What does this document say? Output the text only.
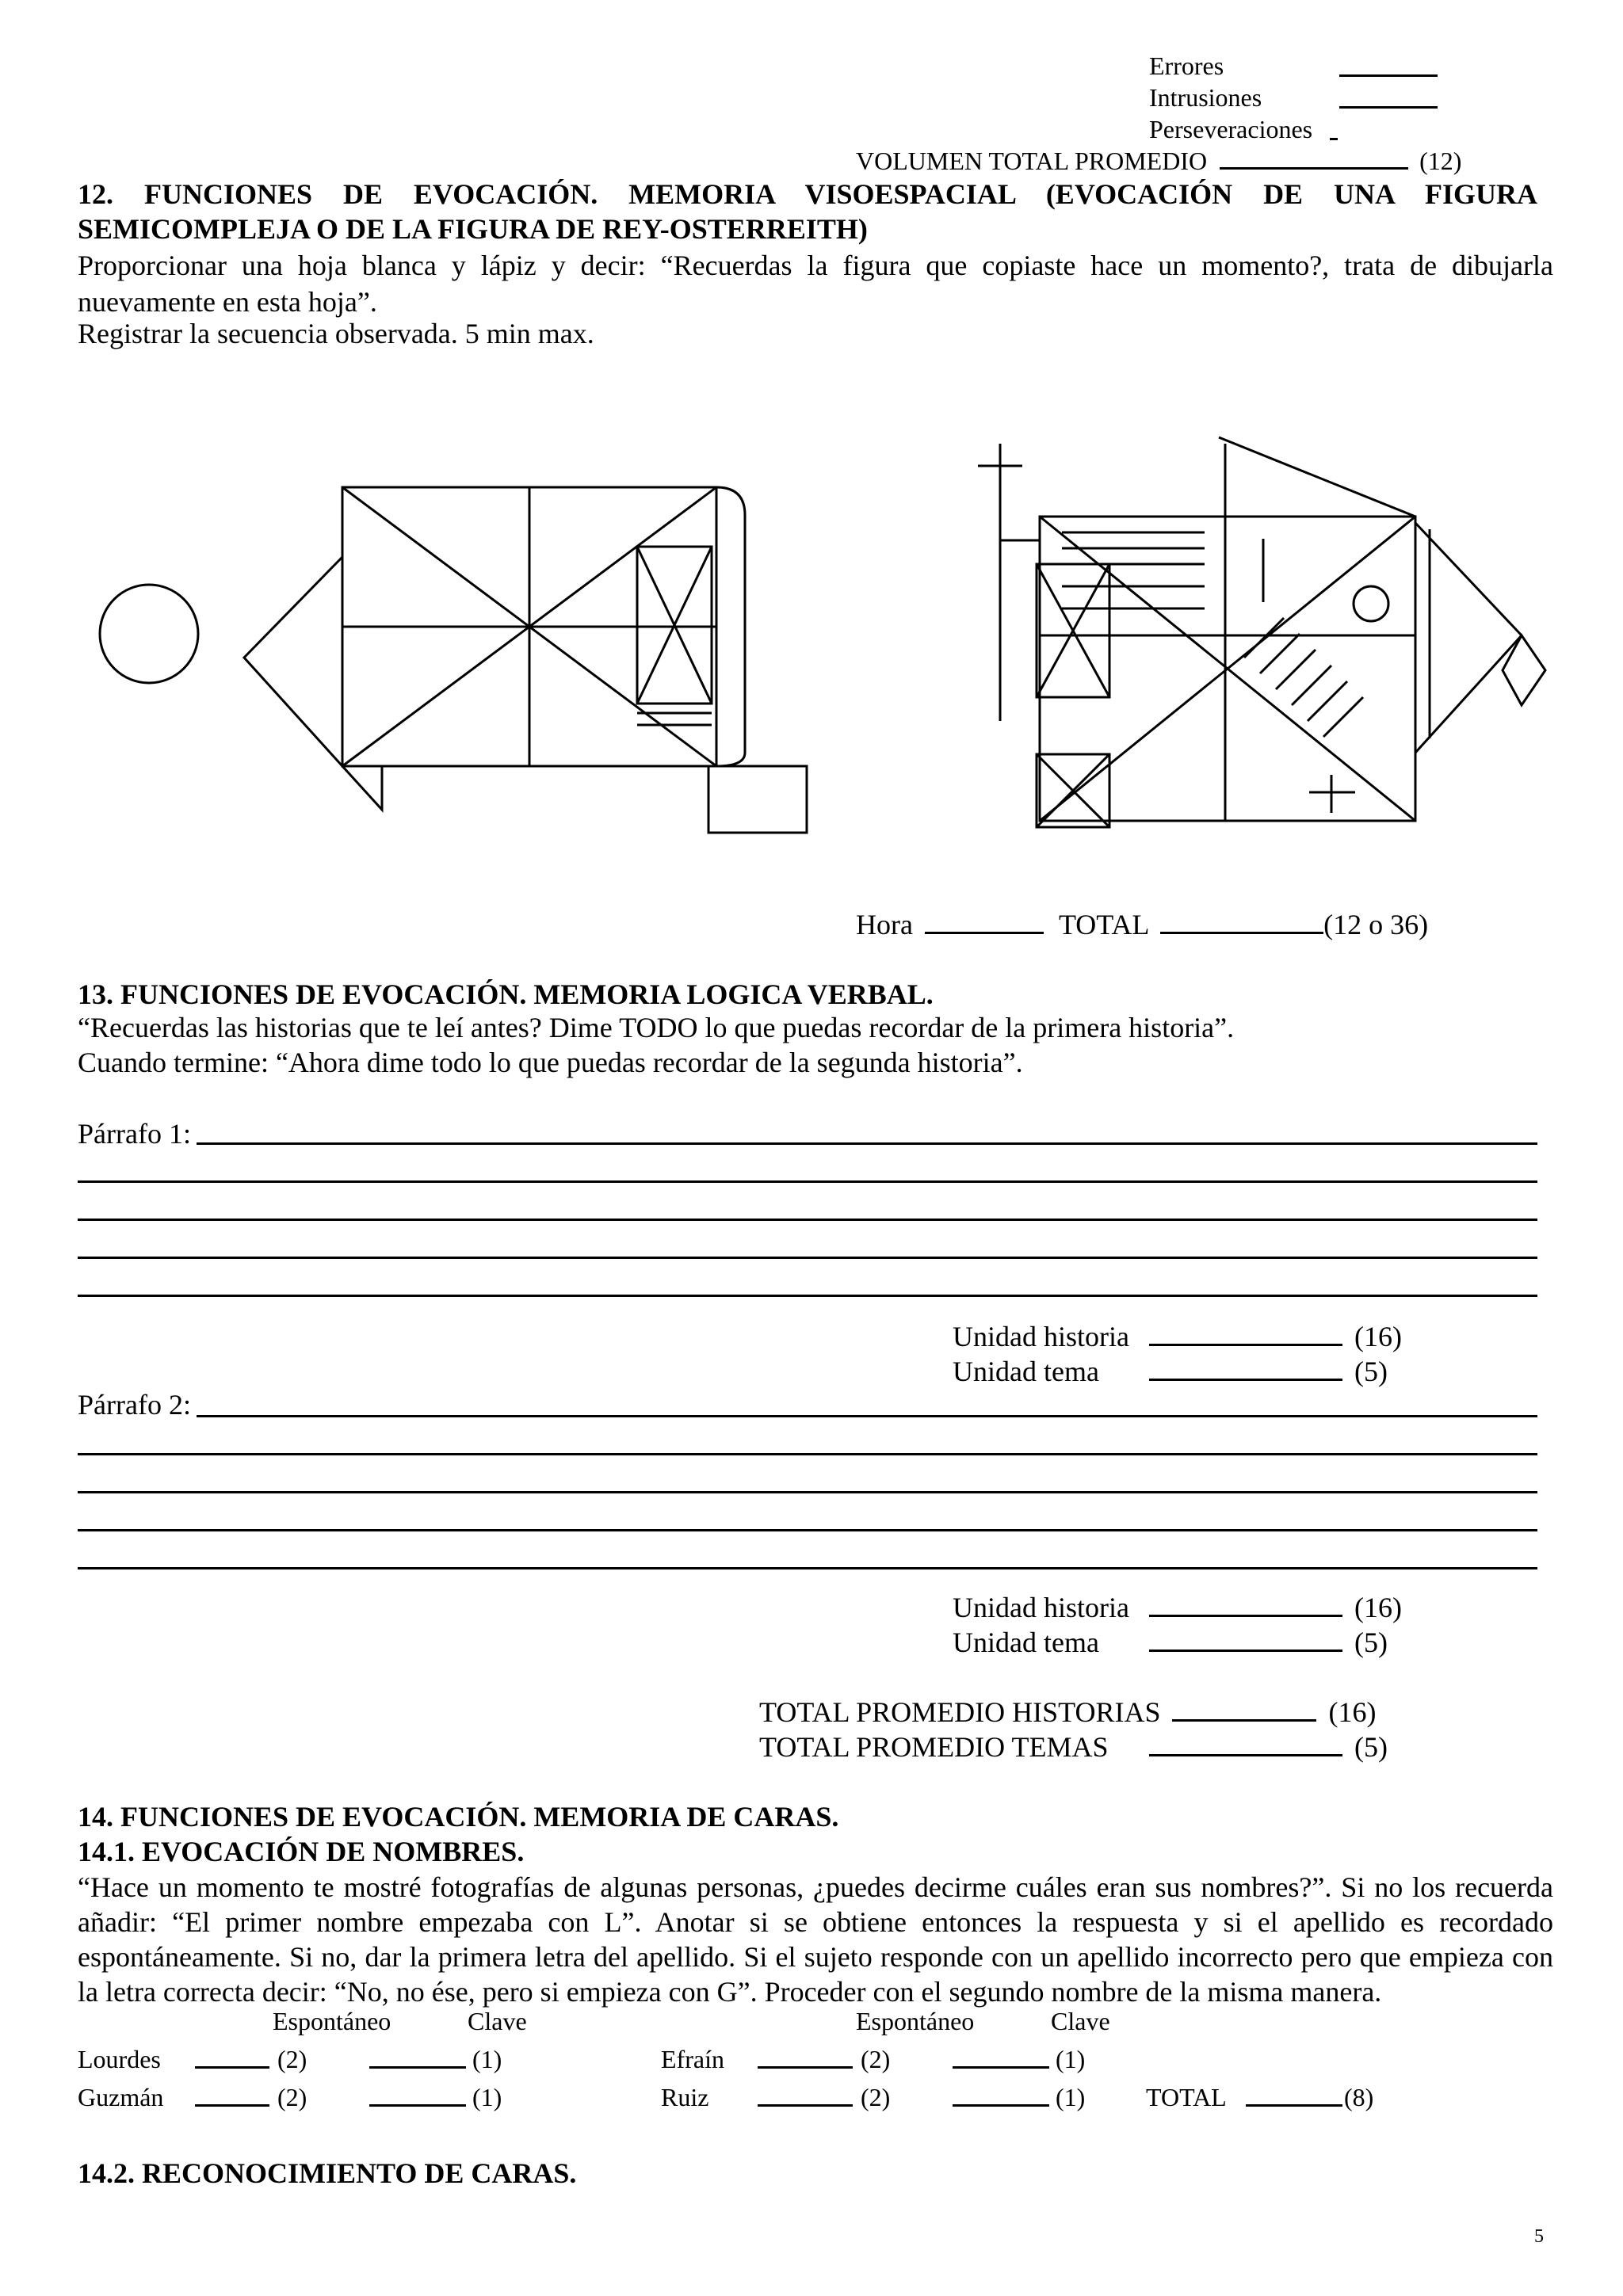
Errores
Intrusiones
Perseveraciones
VOLUMEN TOTAL PROMEDIO	(12)
12. FUNCIONES DE EVOCACIÓN. MEMORIA VISOESPACIAL (EVOCACIÓN DE UNA FIGURA
SEMICOMPLEJA O DE LA FIGURA DE REY-OSTERREITH)
Proporcionar una hoja blanca y lápiz y decir: “Recuerdas la figura que copiaste hace un momento?, trata de dibujarla nuevamente en esta hoja”.
Registrar la secuencia observada. 5 min max.
Hora	TOTAL	(12 o 36)
13. FUNCIONES DE EVOCACIÓN. MEMORIA LOGICA VERBAL.
“Recuerdas las historias que te leí antes? Dime TODO lo que puedas recordar de la primera historia”.
Cuando termine: “Ahora dime todo lo que puedas recordar de la segunda historia”.
Párrafo 1:
Unidad historia	(16)
Unidad tema	(5)
Párrafo 2:
Unidad historia	(16)
Unidad tema	(5)
TOTAL PROMEDIO HISTORIAS	(16)
TOTAL PROMEDIO TEMAS	(5)
14. FUNCIONES DE EVOCACIÓN. MEMORIA DE CARAS.
14.1. EVOCACIÓN DE NOMBRES.
“Hace un momento te mostré fotografías de algunas personas, ¿puedes decirme cuáles eran sus nombres?”. Si no los recuerda añadir: “El primer nombre empezaba con L”. Anotar si se obtiene entonces la respuesta y si el apellido es recordado espontáneamente. Si no, dar la primera letra del apellido. Si el sujeto responde con un apellido incorrecto pero que empieza con la letra correcta decir: “No, no ése, pero si empieza con G”. Proceder con el segundo nombre de la misma manera.
Espontáneo	Clave	Espontáneo	Clave
Lourdes	(2)	(1)	Efraín	(2)	(1)
Guzmán	(2)	(1)	Ruiz	(2)	(1) TOTAL	(8)
14.2. RECONOCIMIENTO DE CARAS.
5
